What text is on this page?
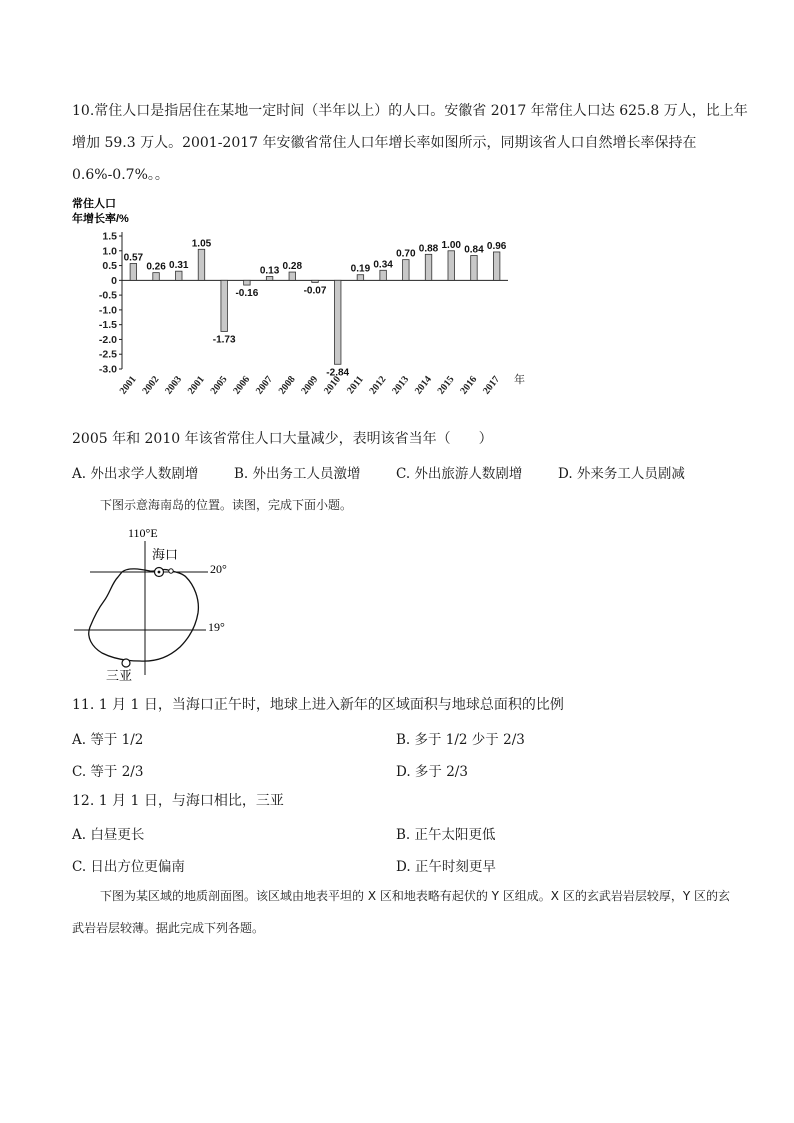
10.常住人口是指居住在某地一定时间（半年以上）的人口。安徽省 2017 年常住人口达 625.8 万人，比上年
增加 59.3 万人。2001-2017 年安徽省常住人口年增长率如图所示，同期该省人口自然增长率保持在
0.6%-0.7%。。
常住人口
年增长率/%
1.5
1.0
0.5
0
-0.5
-1.0
-1.5
-2.0
-2.5
-3.0
0.57
2001
0.26
2002
0.31
2003
1.05
2001
-1.73
2005
-0.16
2006
0.13
2007
0.28
2008
-0.07
2009
-2.84
2010
0.19
2011
0.34
2012
0.70
2013
0.88
2014
1.00
2015
0.84
2016
0.96
2017 年
2005 年和 2010 年该省常住人口大量减少，表明该省当年（　　）
A. 外出求学人数剧增	B. 外出务工人员激增	C. 外出旅游人数剧增	D. 外来务工人员剧减
下图示意海南岛的位置。读图，完成下面小题。
110°E
海口
20°
19°
三亚
11. 1 月 1 日，当海口正午时，地球上进入新年的区域面积与地球总面积的比例
A. 等于 1/2	B. 多于 1/2 少于 2/3
C. 等于 2/3	D. 多于 2/3
12. 1 月 1 日，与海口相比，三亚
A. 白昼更长	B. 正午太阳更低
C. 日出方位更偏南	D. 正午时刻更早
下图为某区域的地质剖面图。该区域由地表平坦的 X 区和地表略有起伏的 Y 区组成。X 区的玄武岩岩层较厚，Y 区的玄武岩岩层较薄。据此完成下列各题。
